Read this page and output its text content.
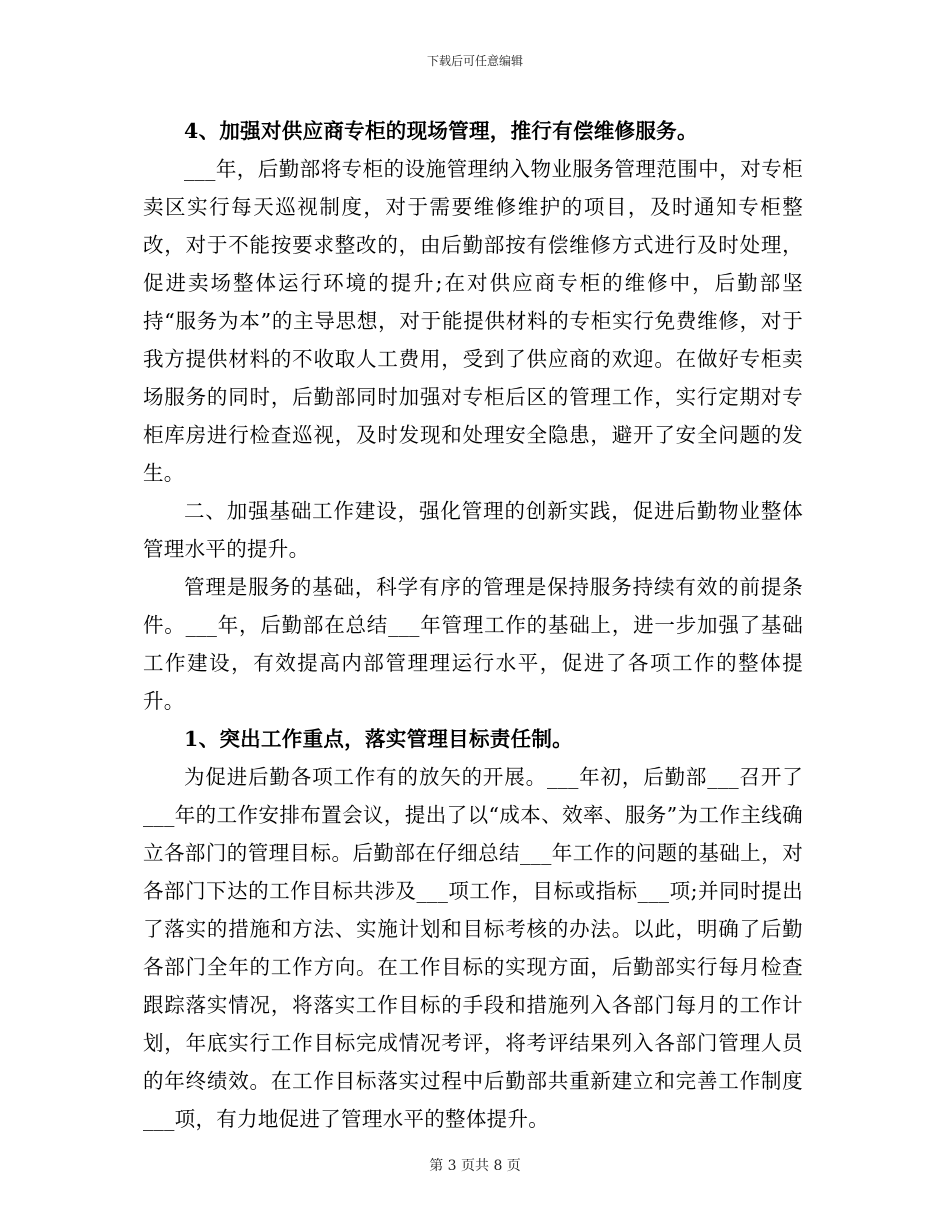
下载后可任意编辑

4、加强对供应商专柜的现场管理，推行有偿维修服务。

___年，后勤部将专柜的设施管理纳入物业服务管理范围中，对专柜卖区实行每天巡视制度，对于需要维修维护的项目，及时通知专柜整改，对于不能按要求整改的，由后勤部按有偿维修方式进行及时处理，促进卖场整体运行环境的提升;在对供应商专柜的维修中，后勤部坚持“服务为本”的主导思想，对于能提供材料的专柜实行免费维修，对于我方提供材料的不收取人工费用，受到了供应商的欢迎。在做好专柜卖场服务的同时，后勤部同时加强对专柜后区的管理工作，实行定期对专柜库房进行检查巡视，及时发现和处理安全隐患，避开了安全问题的发生。

二、加强基础工作建设，强化管理的创新实践，促进后勤物业整体管理水平的提升。

管理是服务的基础，科学有序的管理是保持服务持续有效的前提条件。___年，后勤部在总结___年管理工作的基础上，进一步加强了基础工作建设，有效提高内部管理理运行水平，促进了各项工作的整体提升。

1、突出工作重点，落实管理目标责任制。

为促进后勤各项工作有的放矢的开展。___年初，后勤部___召开了___年的工作安排布置会议，提出了以“成本、效率、服务”为工作主线确立各部门的管理目标。后勤部在仔细总结___年工作的问题的基础上，对各部门下达的工作目标共涉及___项工作，目标或指标___项;并同时提出了落实的措施和方法、实施计划和目标考核的办法。以此，明确了后勤各部门全年的工作方向。在工作目标的实现方面，后勤部实行每月检查跟踪落实情况，将落实工作目标的手段和措施列入各部门每月的工作计划，年底实行工作目标完成情况考评，将考评结果列入各部门管理人员的年终绩效。在工作目标落实过程中后勤部共重新建立和完善工作制度___项，有力地促进了管理水平的整体提升。

第 3 页共 8 页
